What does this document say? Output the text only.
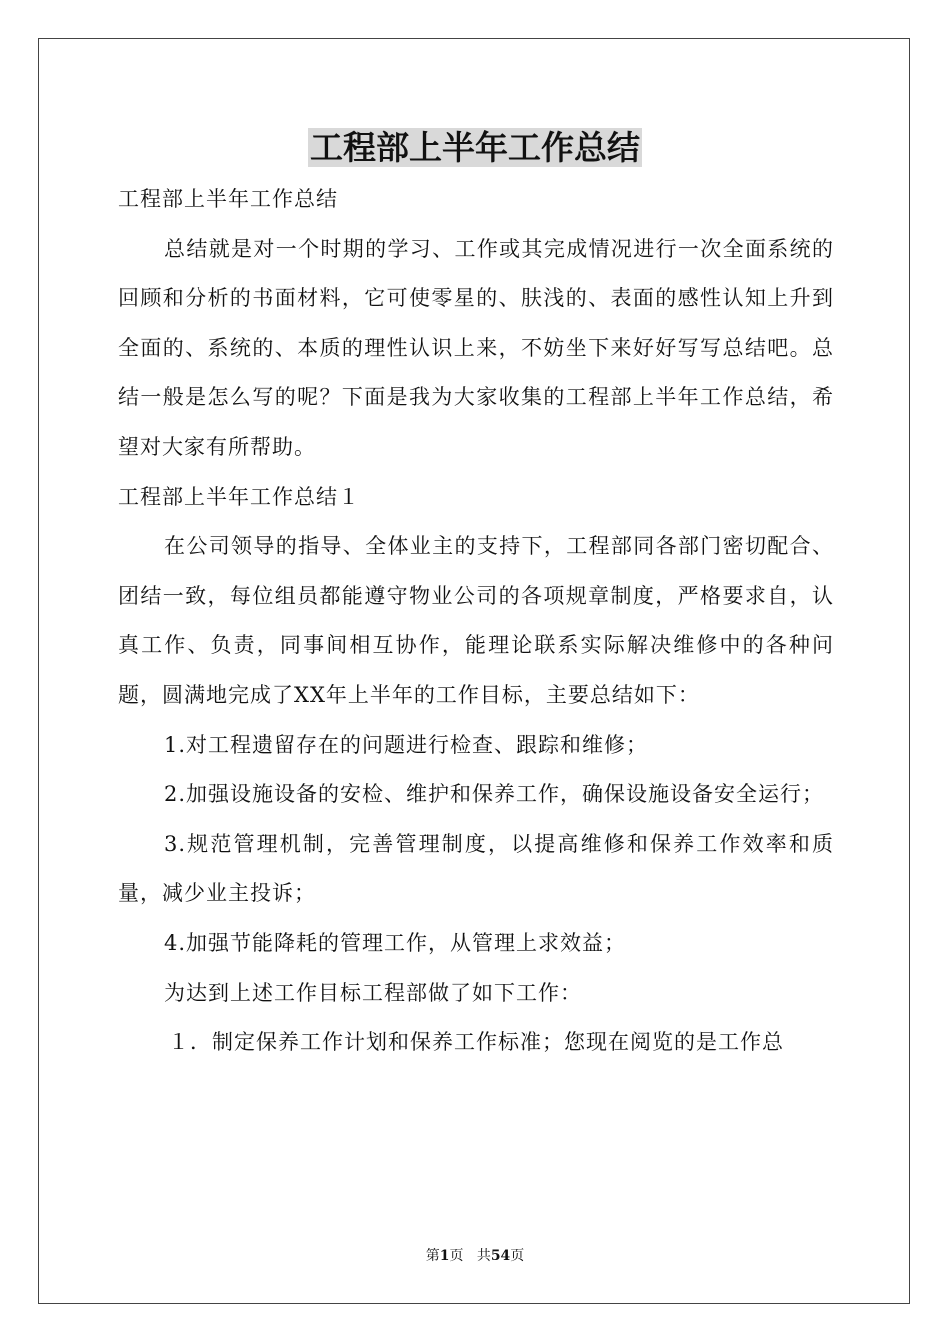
工程部上半年工作总结

工程部上半年工作总结

总结就是对一个时期的学习、工作或其完成情况进行一次全面系统的回顾和分析的书面材料，它可使零星的、肤浅的、表面的感性认知上升到全面的、系统的、本质的理性认识上来，不妨坐下来好好写写总结吧。总结一般是怎么写的呢？下面是我为大家收集的工程部上半年工作总结，希望对大家有所帮助。

工程部上半年工作总结１

在公司领导的指导、全体业主的支持下，工程部同各部门密切配合、团结一致，每位组员都能遵守物业公司的各项规章制度，严格要求自，认真工作、负责，同事间相互协作，能理论联系实际解决维修中的各种问题，圆满地完成了XX年上半年的工作目标，主要总结如下：

1.对工程遗留存在的问题进行检查、跟踪和维修；

2.加强设施设备的安检、维护和保养工作，确保设施设备安全运行；

3.规范管理机制，完善管理制度，以提高维修和保养工作效率和质量，减少业主投诉；

4.加强节能降耗的管理工作，从管理上求效益；

为达到上述工作目标工程部做了如下工作：

１．制定保养工作计划和保养工作标准；您现在阅览的是工作总

第1页 共54页
